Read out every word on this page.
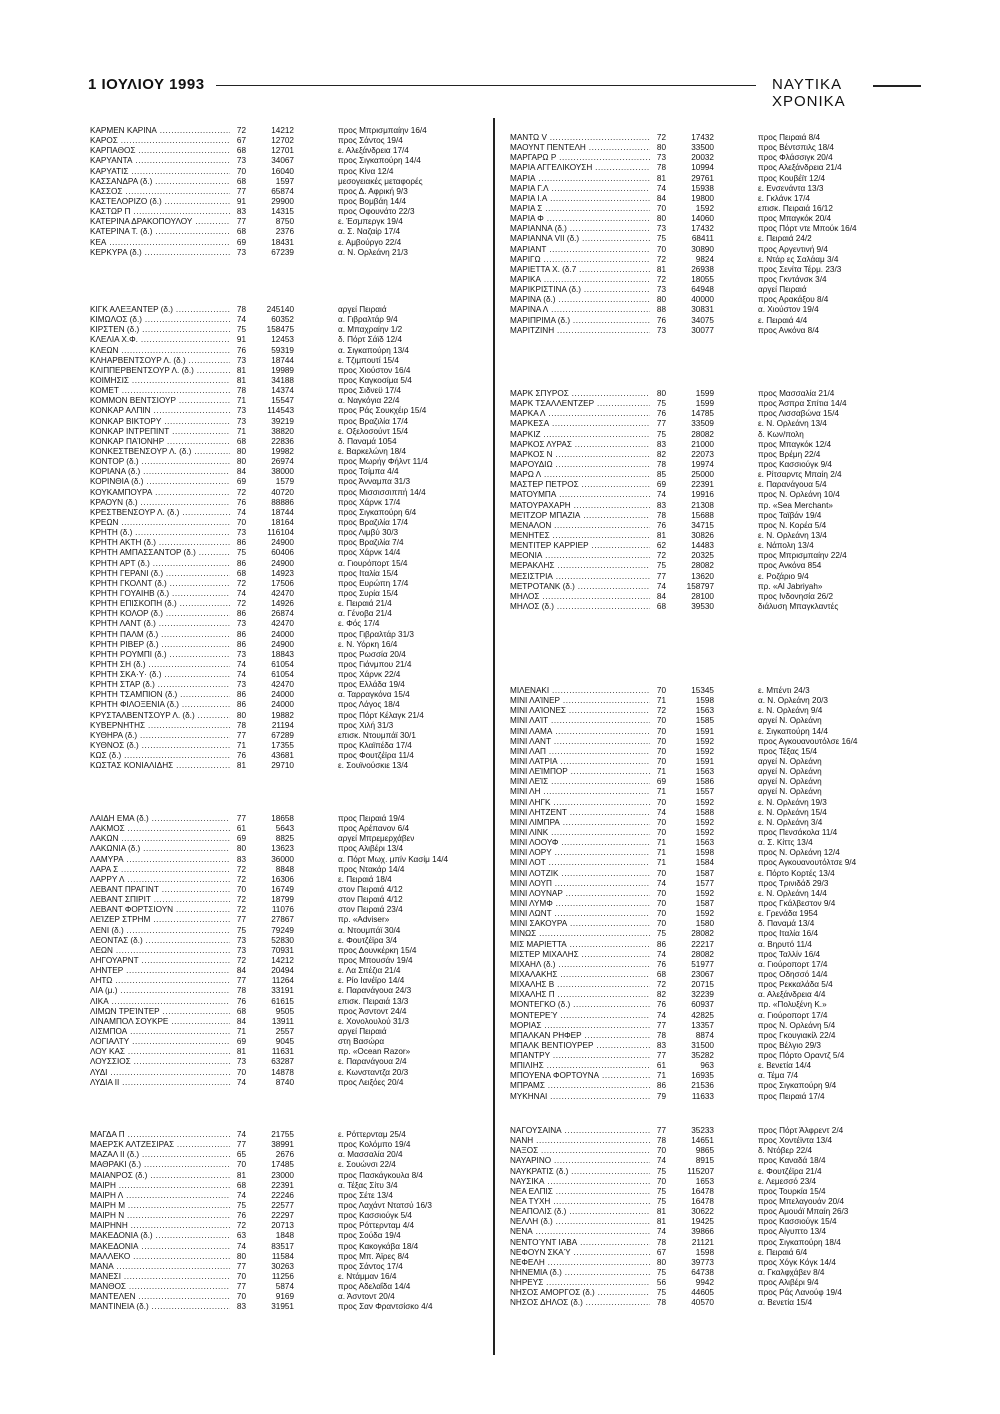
1 ΙΟΥΛΙΟΥ 1993	ΝΑΥΤΙΚΑ ΧΡΟΝΙΚΑ
ΚΑΡΜΕΝ ΚΑΡΙΝΑ .....	72	14212	προς Μπρισμπαίην 16/4
ΚΑΡΟΣ .....	67	12702	προς Σάντος 19/4
ΚΑΡΠΑΘΟΣ .....	68	12701	ε. Αλεξάνδρεια 17/4
ΚΑΡΥΑΝΤΑ .....	73	34067	προς Σιγκαπούρη 14/4
ΚΑΡΥΑΤΙΣ .....	70	16040	προς Κίνα 12/4
ΚΑΣΣΑΝΔΡΑ (δ.) .....	68	1597	μεσογειακές μεταφορές
ΚΑΣΣΟΣ .....	77	65874	προς Δ. Αφρική 9/3
ΚΑΣΤΕΛΟΡΙΖΟ (δ.) .....	91	29900	προς Βομβάη 14/4
ΚΑΣΤΩΡ Π .....	83	14315	προς Οφουνάτο 22/3
ΚΑΤΕΡΙΝΑ ΔΡΑΚΟΠΟΥΛΟΥ .....	77	8750	ε. Έσμπεργκ 19/4
ΚΑΤΕΡΙΝΑ Τ. (δ.) .....	68	2376	α. Σ. Ναζαίρ 17/4
ΚΕΑ .....	69	18431	ε. Αμβούργο 22/4
ΚΕΡΚΥΡΑ (δ.) .....	73	67239	α. Ν. Ορλεάνη 21/3
ΚΙΓΚ ΑΛΕΞΑΝΤΕΡ (δ.) .....	78	245140	αργεί Πειραιά
ΚΙΜΩΛΟΣ (δ.) .....	74	60352	α. Γιβραλτάρ 9/4
ΚΙΡΣΤΕΝ (δ.) .....	75	158475	α. Μπαχραίην 1/2
ΚΛΕΛΙΑ Χ.Φ. .....	91	12453	δ. Πόρτ Σάϊδ 12/4
ΚΛΕΩΝ .....	76	59319	α. Σιγκαπούρη 13/4
ΚΛΗΑΡΒΕΝΤΣΟΥΡ Λ. (δ.) .....	73	18744	ε. Τζιμπουτί 15/4
ΚΛΙΠΠΕΡΒΕΝΤΣΟΥΡ Λ. (δ.) .....	81	19989	προς Χιούστον 16/4
ΚΟΙΜΗΣΙΣ .....	81	34188	προς Καγκοσίμα 5/4
ΚΟΜΕΤ .....	78	14374	προς Σιδνεϋ 17/4
ΚΟΜΜΟΝ ΒΕΝΤΣΙΟΥΡ .....	71	15547	α. Ναγκόγια 22/4
ΚΟΝΚΑΡ ΑΛΠΙΝ .....	73	114543	προς Ράς Σουκχέιρ 15/4
ΚΟΝΚΑΡ ΒΙΚΤΟΡΥ .....	73	39219	προς Βραζιλία 17/4
ΚΟΝΚΑΡ ΙΝΤΡΕΠΙΝΤ .....	71	38820	ε. Οξελοσούντ 15/4
ΚΟΝΚΑΡ ΠΑΊΟΝΗΡ .....	68	22836	δ. Παναμά 1054
ΚΟΝΚΕΣΤΒΕΝΣΟΥΡ Λ. (δ.) .....	80	19982	ε. Βαρκελώνη 18/4
ΚΟΝΤΟΡ (δ.) .....	80	26974	προς Μωρήγ Φήλντ 11/4
ΚΟΡΙΑΝΑ (δ.) .....	84	38000	προς Τσίμπα 4/4
ΚΟΡΙΝΘΙΑ (δ.) .....	69	1579	προς Άνναμπα 31/3
ΚΟΥΚΑΜΠΟΥΡΑ .....	72	40720	προς Μισσισσιππή 14/4
ΚΡΑΟΥΝ (δ.) .....	76	88886	προς Χάρνκ 17/4
ΚΡΕΣΤΒΕΝΣΟΥΡ Λ. (δ.) .....	74	18744	προς Σιγκαπούρη 6/4
ΚΡΕΩΝ .....	70	18164	προς Βραζιλία 17/4
ΚΡΗΤΗ (δ.) .....	73	116104	προς Λιμβύ 30/3
ΚΡΗΤΗ ΑΚΤΗ (δ.) .....	86	24900	προς Βραζιλία 7/4
ΚΡΗΤΗ ΑΜΠΑΣΣΑΝΤΟΡ (δ.) .....	75	60406	προς Χάρνκ 14/4
ΚΡΗΤΗ ΑΡΤ (δ.) .....	86	24900	α. Γιουρόπορτ 15/4
ΚΡΗΤΗ ΓΕΡΑΝΙ (δ.) .....	68	14923	προς Ιταλία 15/4
ΚΡΗΤΗ ΓΚΟΛΝΤ (δ.) .....	72	17506	προς Ευρώπη 17/4
ΚΡΗΤΗ ΓΟΥΑΙΗΒ (δ.) .....	74	42470	προς Συρία 15/4
ΚΡΗΤΗ ΕΠΙΣΚΟΠΗ (δ.) .....	72	14926	ε. Πειραιά 21/4
ΚΡΗΤΗ ΚΟΛΟΡ (δ.) .....	86	26874	α. Γένοβα 21/4
ΚΡΗΤΗ ΛΑΝΤ (δ.) .....	73	42470	ε. Φός 17/4
ΚΡΗΤΗ ΠΑΛΜ (δ.) .....	86	24000	προς Γιβραλτάρ 31/3
ΚΡΗΤΗ ΡΙΒΕΡ (δ.) .....	86	24900	ε. Ν. Υόρκη 16/4
ΚΡΗΤΗ ΡΟΥΜΠΙ (δ.) .....	73	18843	προς Ρωσσία 20/4
ΚΡΗΤΗ ΣΗ (δ.) .....	74	61054	προς Γιάνμπου 21/4
ΚΡΗΤΗ ΣΚΑ·Υ· (δ.) .....	74	61054	προς Χάρνκ 22/4
ΚΡΗΤΗ ΣΤΑΡ (δ.) .....	73	42470	προς Ελλάδα 19/4
ΚΡΗΤΗ ΤΣΑΜΠΙΟΝ (δ.) .....	86	24000	α. Ταρραγκόνα 15/4
ΚΡΗΤΗ ΦΙΛΟΞΕΝΙΑ (δ.) .....	86	24000	προς Λάγος 18/4
ΚΡΥΣΤΑΛΒΕΝΤΣΟΥΡ Λ. (δ.) .....	80	19882	προς Πόρτ Κέλαγκ 21/4
ΚΥΒΕΡΝΗΤΗΣ .....	78	21194	προς Χιλή 31/3
ΚΥΘΗΡΑ (δ.) .....	77	67289	επισκ. Ντουμπάϊ 30/1
ΚΥΘΝΟΣ (δ.) .....	71	17355	προς Κλαϊπέδα 17/4
ΚΩΣ (δ.) .....	76	43681	προς Φουτζέϊρα 11/4
ΚΩΣΤΑΣ ΚΟΝΙΑΛΙΔΗΣ .....	81	29710	ε. Σουϊνούσκιε 13/4
ΛΑΙΔΗ ΕΜΑ (δ.) .....	77	18658	προς Πειραιά 19/4
ΛΑΚΜΟΣ .....	61	5643	προς Αρέπανον 6/4
ΛΑΚΩΝ .....	69	8825	αργεί Μπρεμερχάβεν
ΛΑΚΩΝΙΑ (δ.) .....	80	13623	προς Αλιβέρι 13/4
ΛΑΜΥΡΑ .....	83	36000	α. Πόρτ Μωχ. μπίν Κασίμ 14/4
ΛΑΡΑ Σ .....	72	8848	προς Ντακάρ 14/4
ΛΑΡΡΥ Λ .....	72	16306	ε. Πειραιά 18/4
ΛΕΒΑΝΤ ΠΡΑΓΙΝΤ .....	70	16749	στον Πειραιά 4/12
ΛΕΒΑΝΤ ΣΠΙΡΙΤ .....	72	18799	στον Πειραιά 4/12
ΛΕΒΑΝΤ ΦΟΡΤΣΙΟΥΝ .....	72	11076	στον Πειραιά 23/4
ΛΕΊΖΕΡ ΣΤΡΗΜ .....	77	27867	πρ. «Adviser»
ΛΕΝΙ (δ.) .....	75	79249	α. Ντουμπάϊ 30/4
ΛΕΟΝΤΑΣ (δ.) .....	73	52830	ε. Φουτζέϊρα 3/4
ΛΕΩΝ .....	73	70931	προς Δουνκέρκη 15/4
ΛΗΓΟΥΑΡΝΤ .....	72	14212	προς Μπουσάν 19/4
ΛΗΝΤΕΡ .....	84	20494	ε. Λα Σπέζια 21/4
ΛΗΤΩ .....	77	11264	ε. Ρίο Ιανέϊρο 14/4
ΛΙΑ (μ.) .....	78	33191	ε. Παρανάγουα 24/3
ΛΙΚΑ .....	76	61615	επισκ. Πειραιά 13/3
ΛΙΜΩΝ ΤΡΕΊΝΤΕΡ .....	68	9505	προς Άσντοντ 24/4
ΛΙΝΑΜΠΟΛ ΣΟΥΚΡΕ .....	84	13911	ε. Χονολουλού 31/3
ΛΙΣΜΠΟΑ .....	71	2557	αργεί Πειραιά
ΛΟΓΙΑΛΤΥ .....	69	9045	στη Βασώρα
ΛΟΥ ΚΑΣ .....	81	11631	πρ. «Ocean Razor»
ΛΟΥΣΣΙΟΣ .....	73	63287	ε. Παρανάγουα 2/4
ΛΥΔΙ .....	70	14878	ε. Κωνσταντζα 20/3
ΛΥΔΙΑ ΙΙ .....	74	8740	προς Λειξόες 20/4
ΜΑΓΔΑ Π .....	74	21755	ε. Ρόττερνταμ 25/4
ΜΑΕΡΣΚ ΑΛΤΖΕΣΙΡΑΣ .....	77	38991	προς Κολόμπο 19/4
ΜΑΖΑΛ ΙΙ (δ.) .....	65	2676	α. Μασσαλία 20/4
ΜΑΘΡΑΚΙ (δ.) .....	70	17485	ε. Σουώνσι 22/4
ΜΑΙΑΝΡΟΣ (δ.) .....	81	23000	προς Πασκάγκουλα 8/4
ΜΑΙΡΗ .....	68	22391	α. Τέξας Σίτυ 3/4
ΜΑΙΡΗ Λ .....	74	22246	προς Σέτε 13/4
ΜΑΙΡΗ Μ .....	75	22577	προς Λαχάντ Ντατσύ 16/3
ΜΑΙΡΗ Ν .....	76	22297	προς Κασσιούγκ 5/4
ΜΑΙΡΗΝΗ .....	72	20713	προς Ρόττερνταμ 4/4
ΜΑΚΕΔΟΝΙΑ (δ.) .....	63	1848	προς Σούδα 19/4
ΜΑΚΕΔΟΝΙΑ .....	74	83517	προς Κακογκάβα 18/4
ΜΑΛΛΕΚΟ .....	80	11584	προς Μπ. Άϊρες 8/4
ΜΑΝΑ .....	77	30263	προς Σάντος 17/4
ΜΑΝΕΣΙ .....	70	11256	ε. Ντάμμαν 16/4
ΜΑΝΘΟΣ .....	77	5874	προς Αδελαΐδα 14/4
ΜΑΝΤΕΛΕΝ .....	70	9169	α. Άσντοντ 20/4
ΜΑΝΤΙΝΕΙΑ (δ.) .....	83	31951	προς Σαν Φραντσίσκο 4/4
ΜΑΝΤΩ V .....	72	17432	προς Πειραιά 8/4
ΜΑΟΥΝΤ ΠΕΝΤΕΛΗ .....	80	33500	προς Βέντσπιλς 18/4
ΜΑΡΓΑΡΩ Ρ .....	73	20032	προς Φλάσσιγκ 20/4
ΜΑΡΙΑ ΑΓΓΕΛΙΚΟΥΣΗ .....	78	10994	προς Αλεξάνδρεια 21/4
ΜΑΡΙΑ .....	81	29761	προς Κουβέϊτ 12/4
ΜΑΡΙΑ Γ.Λ .....	74	15938	ε. Ενσενάντα 13/3
ΜΑΡΙΑ Ι.Α .....	84	19800	ε. Γκλάνκ 17/4
ΜΑΡΙΑ Σ .....	70	1592	επισκ. Πειραιά 16/12
ΜΑΡΙΑ Φ .....	80	14060	προς Μπαγκόκ 20/4
ΜΑΡΙΑΝΝΑ (δ.) .....	73	17432	προς Πόρτ ντε Μπούκ 16/4
ΜΑΡΙΑΝΝΑ VII (δ.) .....	75	68411	ε. Πειραιά 24/2
ΜΑΡΙΑΝΤ .....	70	30890	προς Αργεντινή 9/4
ΜΑΡΙΓΩ .....	72	9824	ε. Ντάρ ες Σαλάαμ 3/4
ΜΑΡΙΕΤΤΑ Χ. (δ.7 .....	81	26938	προς Σενίτα Τέρμ. 23/3
ΜΑΡΙΚΑ .....	72	18055	προς Γκντάνσκ 3/4
ΜΑΡΙΚΡΙΣΤΙΝΑ (δ.) .....	73	64948	αργεί Πειραιά
ΜΑΡΙΝΑ (δ.) .....	80	40000	προς Αρακάξου 8/4
ΜΑΡΙΝΑ Λ .....	88	30831	α. Χιούστον 19/4
ΜΑΡΙΠΡΙΜΑ (δ.) .....	76	34075	ε. Πειραιά 4/4
ΜΑΡΙΤΖΙΝΗ .....	73	30077	προς Ανκόνα 8/4
ΜΑΡΚ ΣΠΥΡΟΣ .....	80	1599	προς Μασσαλία 21/4
ΜΑΡΚ ΤΣΑΛΛΕΝΤΖΕΡ .....	75	1599	προς Άσπρα Σπίτια 14/4
ΜΑΡΚΑ Λ .....	76	14785	προς Λισσαβώνα 15/4
ΜΑΡΚΕΣΑ .....	77	33509	ε. Ν. Ορλεάνη 13/4
ΜΑΡΚΙΖ .....	75	28082	δ. Κων/πολη
ΜΑΡΚΟΣ ΛΥΡΑΣ .....	83	21000	προς Μπαγκόκ 12/4
ΜΑΡΚΟΣ Ν .....	82	22073	προς Βρέμη 22/4
ΜΑΡΟΥΔΙΩ .....	78	19974	προς Κασσιούγκ 9/4
ΜΑΡΩ Λ .....	85	25000	ε. Ρίτσαρντς Μπαίη 2/4
ΜΑΣΤΕΡ ΠΕΤΡΟΣ .....	69	22391	ε. Παρανάγουα 5/4
ΜΑΤΟΥΜΠΑ .....	74	19916	προς Ν. Ορλεάνη 10/4
ΜΑΤΟΥΡΑΧΑΡΗ .....	83	21308	πρ. «Sea Merchant»
ΜΕΊΤΖΟΡ ΜΠΑΖΙΑ .....	78	15688	προς Ταϊβάν 19/4
ΜΕΝΑΛΟΝ .....	76	34715	προς Ν. Κορέα 5/4
ΜΕΝΗΤΕΣ .....	81	30826	ε. Ν. Ορλεάνη 13/4
ΜΕΝΤΙΤΕΡ ΚΑΡΡΙΕΡ .....	62	14483	ε. Νάπολη 13/4
ΜΕΟΝΙΑ .....	72	20325	προς Μπρισμπαίην 22/4
ΜΕΡΑΚΛΗΣ .....	75	28082	προς Ανκόνα 854
ΜΕΣΙΣΤΡΙΑ .....	77	13620	ε. Ροζάριο 9/4
ΜΕΤΡΟΤΑΝΚ (δ.) .....	74	158797	πρ. «Al Jabriyah»
ΜΗΛΟΣ .....	84	28100	προς Ινδονησία 26/2
ΜΗΛΟΣ (δ.) .....	68	39530	διάλυση Μπαγκλαντές
ΜΙΛΕΝΑΚΙ .....	70	15345	ε. Μπέντι 24/3
ΜΙΝΙ ΛΑΊΝΕΡ .....	71	1598	α. Ν. Ορλεάνη 20/3
ΜΙΝΙ ΛΑΊΟΝΕΣ .....	72	1563	ε. Ν. Ορλεάνη 9/4
ΜΙΝΙ ΛΑΊΤ .....	70	1585	αργεί Ν. Ορλεάνη
ΜΙΝΙ ΛΑΜΑ .....	70	1591	ε. Σιγκαπούρη 14/4
ΜΙΝΙ ΛΑΝΤ .....	70	1592	προς Αγκουανουτόλσε 16/4
ΜΙΝΙ ΛΑΠ .....	70	1592	προς Τέξας 15/4
ΜΙΝΙ ΛΑΤΡΙΑ .....	70	1591	αργεί Ν. Ορλεάνη
ΜΙΝΙ ΛΕΊΜΠΟΡ .....	71	1563	αργεί Ν. Ορλεάνη
ΜΙΝΙ ΛΕΊΣ .....	69	1586	αργεί Ν. Ορλεάνη
ΜΙΝΙ ΛΗ .....	71	1557	αργεί Ν. Ορλεάνη
ΜΙΝΙ ΛΗΓΚ .....	70	1592	ε. Ν. Ορλεάνη 19/3
ΜΙΝΙ ΛΗΤΖΕΝΤ .....	74	1588	ε. Ν. Ορλεάνη 15/4
ΜΙΝΙ ΛΙΜΠΡΑ .....	70	1592	ε. Ν. Ορλεάνη 3/4
ΜΙΝΙ ΛΙΝΚ .....	70	1592	προς Πενσάκολα 11/4
ΜΙΝΙ ΛΟΟΥΦ .....	71	1563	α. Σ. Κίττς 13/4
ΜΙΝΙ ΛΟΡΥ .....	71	1598	προς Ν. Ορλεάνη 12/4
ΜΙΝΙ ΛΟΤ .....	71	1584	προς Αγκουανουτόλτσε 9/4
ΜΙΝΙ ΛΟΤΖΙΚ .....	70	1587	ε. Πόρτο Κορτές 13/4
ΜΙΝΙ ΛΟΥΠ .....	74	1577	προς Τρινιδάδ 29/3
ΜΙΝΙ ΛΟΥΝΑΡ .....	70	1592	ε. Ν. Ορλεάνη 14/4
ΜΙΝΙ ΛΥΜΦ .....	70	1587	προς Γκάλβεστον 9/4
ΜΙΝΙ ΛΩΝΤ .....	70	1592	ε. Γρενάδα 1954
ΜΙΝΙ ΣΑΚΟΥΡΑ .....	70	1580	δ. Παναμά 13/4
ΜΙΝΩΣ .....	75	28082	προς Ιταλία 16/4
ΜΙΣ ΜΑΡΙΕΤΤΑ .....	86	22217	α. Βηρυτό 11/4
ΜΙΣΤΕΡ ΜΙΧΑΛΗΣ .....	74	28082	προς Ταλλίν 16/4
ΜΙΧΑΗΛ (δ.) .....	76	51977	α. Γιούροπορτ 17/4
ΜΙΧΑΛΑΚΗΣ .....	68	23067	προς Οδησσό 14/4
ΜΙΧΑΛΗΣ Β .....	72	20715	προς Ρεκκαλάδα 5/4
ΜΙΧΑΛΗΣ Π .....	82	32239	α. Αλεξάνδρεια 4/4
ΜΟΝΤΕΓΚΟ (δ.) .....	76	60937	πρ. «Πολυξένη Κ.»
ΜΟΝΤΕΡΕΎ .....	74	42825	α. Γιούροπορτ 17/4
ΜΟΡΙΑΣ .....	77	13357	προς Ν. Ορλεάνη 5/4
ΜΠΑΛΚΑΝ ΡΗΦΕΡ .....	78	8874	προς Γκουγιακίλ 22/4
ΜΠΑΛΚ ΒΕΝΤΙΟΥΡΕΡ .....	83	31500	προς Βέλγιο 29/3
ΜΠΑΝΤΡΥ .....	77	35282	προς Πόρτο Οραντζ 5/4
ΜΠΙΛΙΗΣ .....	61	963	ε. Βενετία 14/4
ΜΠΟΥΕΝΑ ΦΟΡΤΟΥΝΑ .....	71	16935	α. Τέμα 7/4
ΜΠΡΑΜΣ .....	86	21536	προς Σιγκαπούρη 9/4
ΜΥΚΗΝΑΙ .....	79	11633	προς Πειραιά 17/4
ΝΑΓΟΥΣΑΙΝΑ .....	77	35233	προς Πόρτ Άλφρεντ 2/4
ΝΑΝΗ .....	78	14651	προς Χοντέϊντα 13/4
ΝΑΞΟΣ .....	70	9865	δ. Ντόβερ 22/4
ΝΑΥΑΡΙΝΟ .....	74	8915	προς Καναδά 18/4
ΝΑΥΚΡΑΤΙΣ (δ.) .....	75	115207	ε. Φουτζέϊρα 21/4
ΝΑΥΣΙΚΑ .....	70	1653	ε. Λεμεσσό 23/4
ΝΕΑ ΕΛΠΙΣ .....	75	16478	προς Τουρκία 15/4
ΝΕΑ ΤΥΧΗ .....	75	16478	προς Μπελαγουάν 20/4
ΝΕΑΠΟΛΙΣ (δ.) .....	81	30622	προς Αμουάϊ Μπαίη 26/3
ΝΕΛΛΗ (δ.) .....	81	19425	προς Κασσιούγκ 15/4
ΝΕΝΑ .....	74	39866	προς Αίγυπτο 13/4
ΝΕΝΤΟΎΝΤ ΙΑΒΑ .....	78	21121	προς Σιγκαπούρη 18/4
ΝΕΦΟΥΝ ΣΚΑΎ .....	67	1598	ε. Πειραιά 6/4
ΝΕΦΕΛΗ .....	80	39773	προς Χόγκ Κόγκ 14/4
ΝΗΝΕΜΙΑ (δ.) .....	75	64738	α. Γκαλφχάβεν 8/4
ΝΗΡΕΥΣ .....	56	9942	προς Αλιβέρι 9/4
ΝΗΣΟΣ ΑΜΟΡΓΟΣ (δ.) .....	75	44605	προς Ράς Λανούφ 19/4
ΝΗΣΟΣ ΔΗΛΟΣ (δ.) .....	78	40570	α. Βενετία 15/4
